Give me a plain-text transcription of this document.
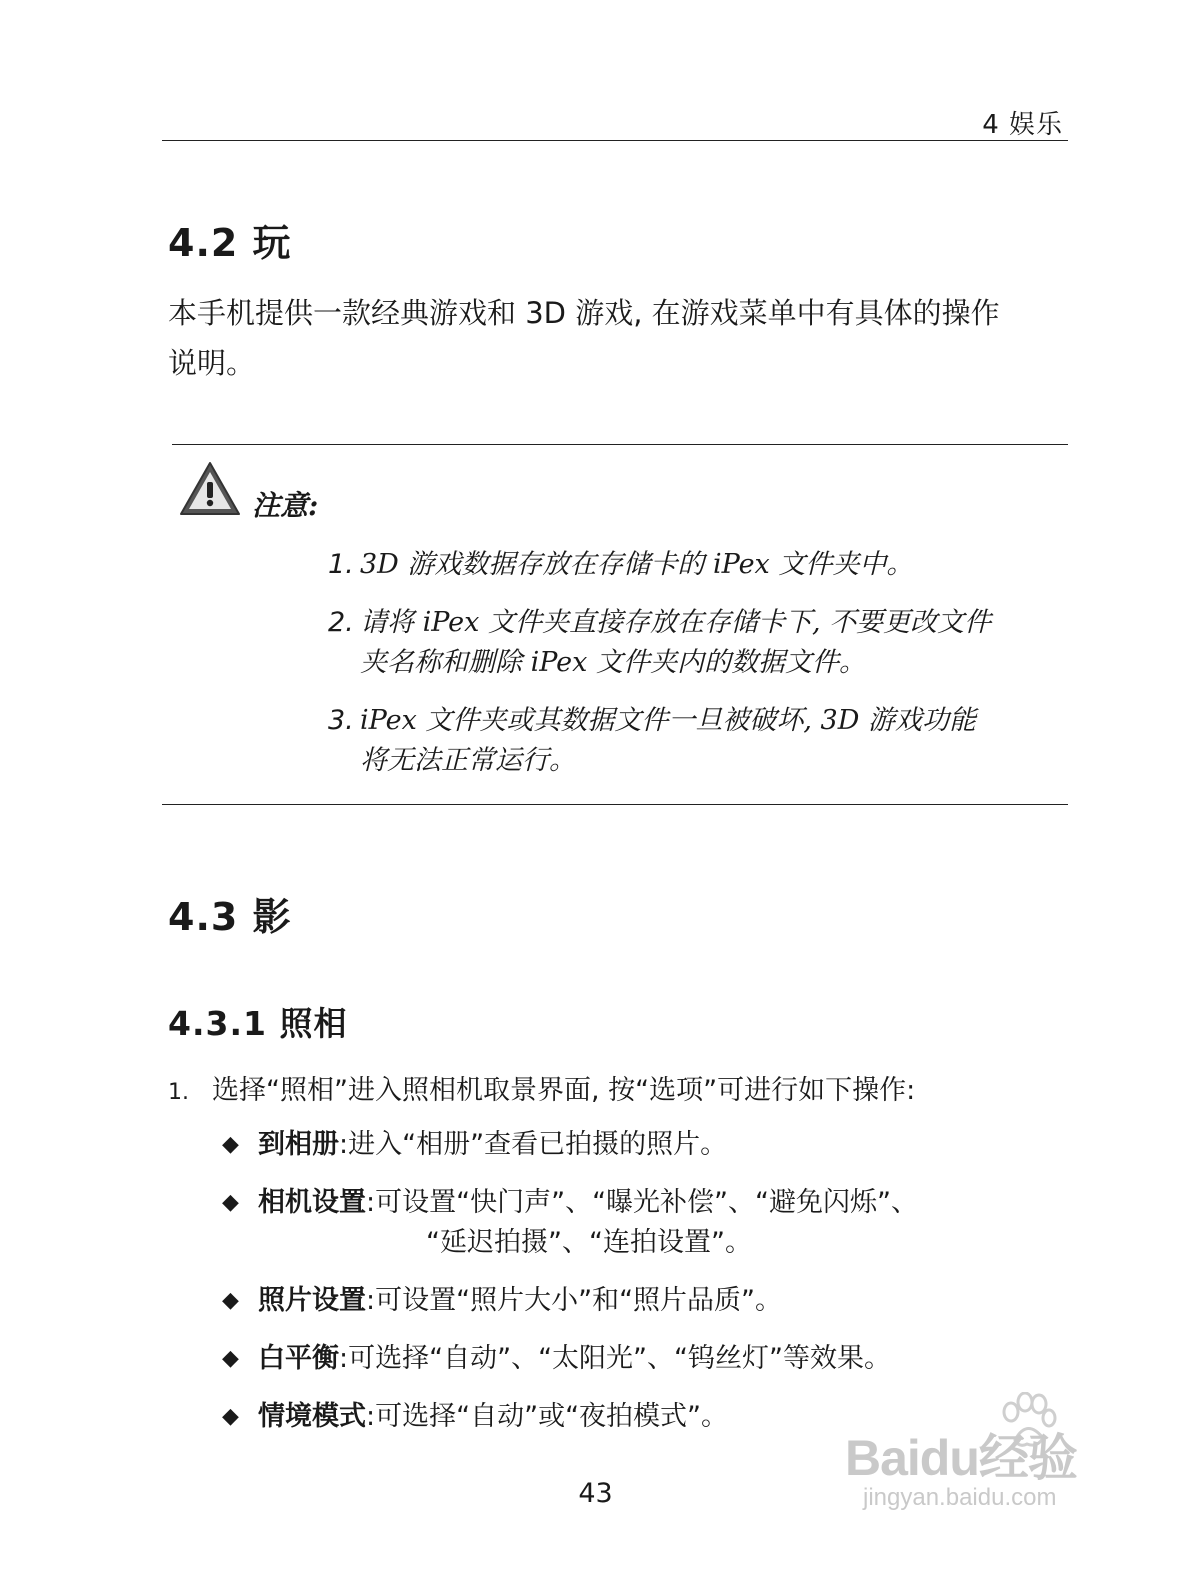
4 娱乐
4.2 玩
本手机提供一款经典游戏和 3D 游戏, 在游戏菜单中有具体的操作
说明。
注意:
1. 3D 游戏数据存放在存储卡的 iPex 文件夹中。
2. 请将 iPex 文件夹直接存放在存储卡下, 不要更改文件
夹名称和删除 iPex 文件夹内的数据文件。
3. iPex 文件夹或其数据文件一旦被破坏, 3D 游戏功能
将无法正常运行。
4.3 影
4.3.1 照相
1. 选择“照相”进入照相机取景界面, 按“选项”可进行如下操作:
◆ 到相册:进入“相册”查看已拍摄的照片。
◆ 相机设置:可设置“快门声”、“曝光补偿”、“避免闪烁”、
“延迟拍摄”、“连拍设置”。
◆ 照片设置:可设置“照片大小”和“照片品质”。
◆ 白平衡:可选择“自动”、“太阳光”、“钨丝灯”等效果。
◆ 情境模式:可选择“自动”或“夜拍模式”。
43
Baidu经验
jingyan.baidu.com
